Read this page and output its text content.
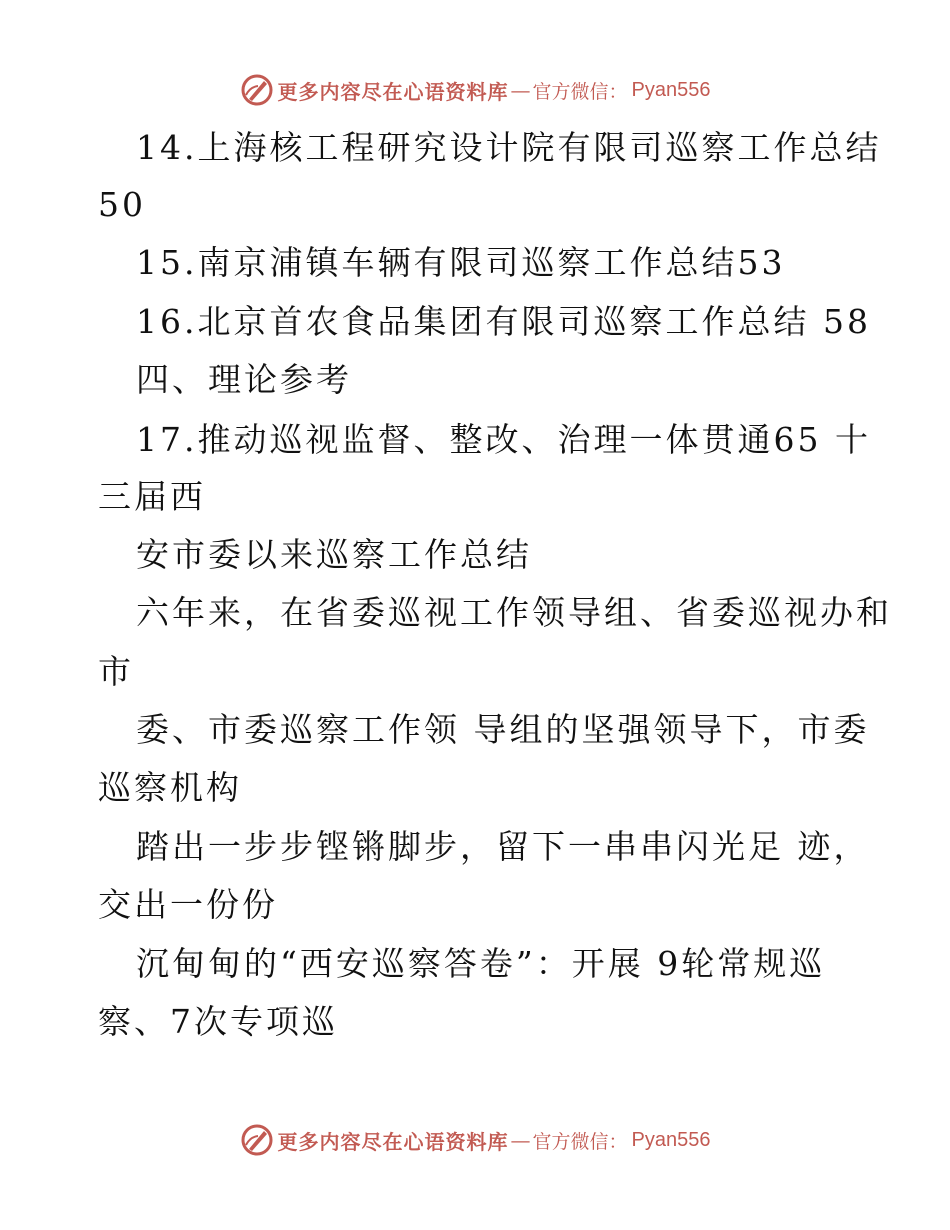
更多内容尽在心语资料库 — 官方微信： Pyan556
14.上海核工程研究设计院有限司巡察工作总结
50
15.南京浦镇车辆有限司巡察工作总结53
16.北京首农食品集团有限司巡察工作总结 58
四、理论参考
17.推动巡视监督、整改、治理一体贯通65 十
三届西
安市委以来巡察工作总结
六年来，在省委巡视工作领导组、省委巡视办和
市
委、市委巡察工作领 导组的坚强领导下，市委
巡察机构
踏出一步步铿锵脚步，留下一串串闪光足 迹，
交出一份份
沉甸甸的“西安巡察答卷”：开展 9轮常规巡
察、7次专项巡
更多内容尽在心语资料库 — 官方微信： Pyan556
